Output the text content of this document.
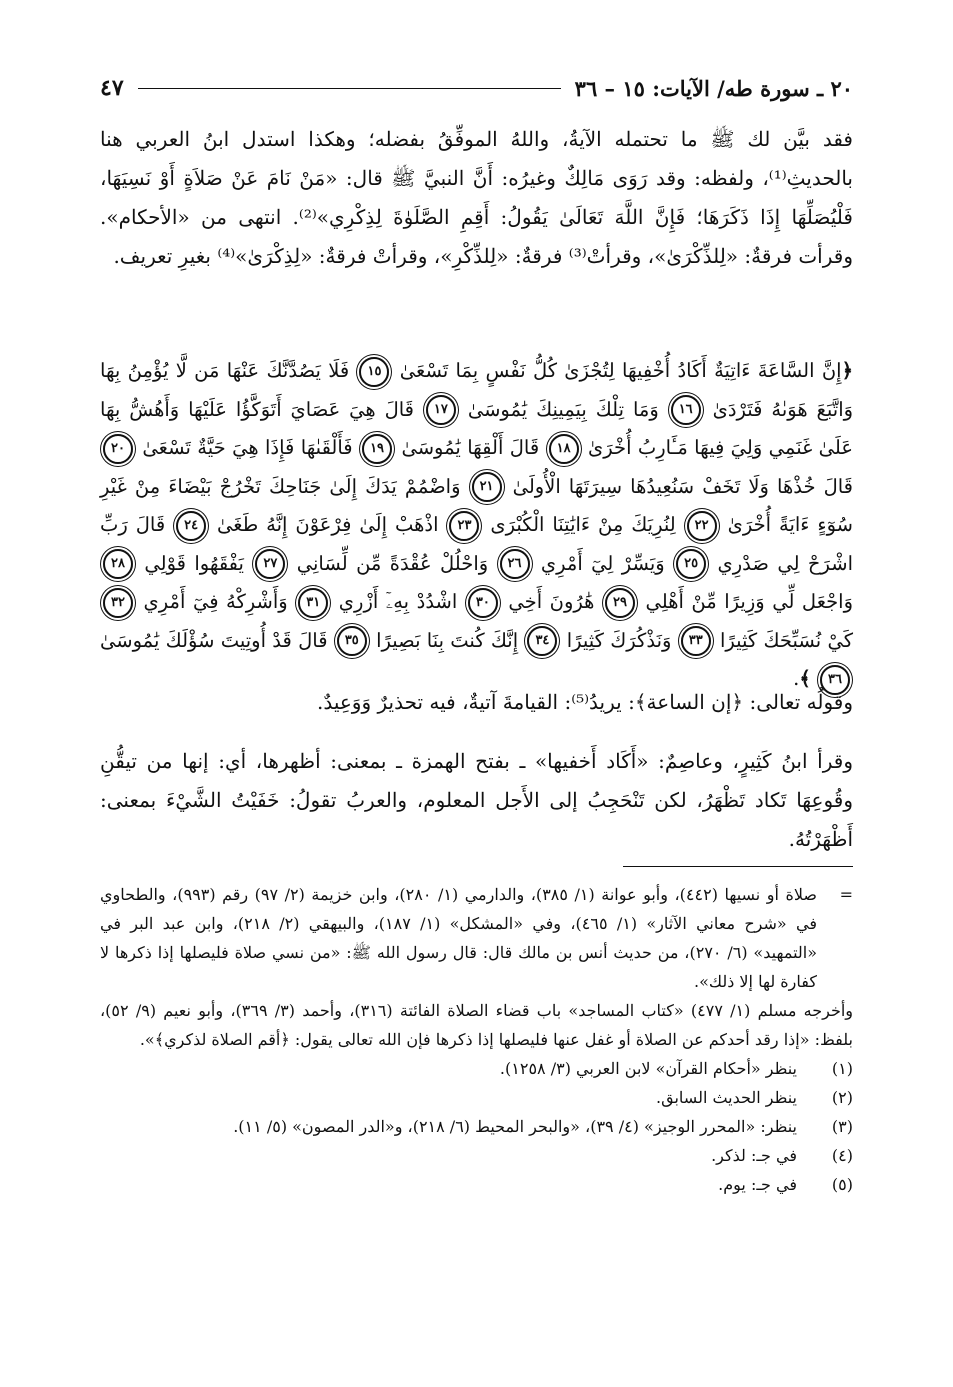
٢٠ ـ سورة طه/ الآيات: ١٥ – ٣٦
٤٧

فقد بيَّن لك ﷺ ما تحتمله الآيةُ، واللهُ الموفِّقُ بفضله؛ وهكذا استدل ابنُ العربي هنا بالحديثِ⁽¹⁾، ولفظه: وقد رَوَى مَالِكٌ وغيرُه: أَنَّ النبيَّ ﷺ قال: «مَنْ نَامَ عَنْ صَلاَةٍ أَوْ نَسِيَهَا، فَلْيُصَلِّهَا إِذَا ذَكَرَهَا؛ فَإِنَّ اللَّهَ تَعَالَىٰ يَقُولُ: أَقِمِ الصَّلَوٰةَ لِذِكْرِي»⁽²⁾. انتهى من «الأحكام». وقرأت فرقةٌ: «لِلذِّكْرَىٰ»، وقرأتْ⁽³⁾ فرقةٌ: «لِلذِّكْرِ»، وقرأتْ فرقةٌ: «لِذِكْرَىٰ»⁽⁴⁾ بغيرِ تعريف.

﴿إِنَّ السَّاعَةَ ءَاتِيَةٌ أَكَادُ أُخْفِيهَا لِتُجْزَىٰ كُلُّ نَفْسٍ بِمَا تَسْعَىٰ ١٥ فَلَا يَصُدَّنَّكَ عَنْهَا مَن لَّا يُؤْمِنُ بِهَا وَاتَّبَعَ هَوَىٰهُ فَتَرْدَىٰ ١٦ وَمَا تِلْكَ بِيَمِينِكَ يَٰمُوسَىٰ ١٧ قَالَ هِيَ عَصَايَ أَتَوَكَّؤُا عَلَيْهَا وَأَهُشُّ بِهَا عَلَىٰ غَنَمِي وَلِيَ فِيهَا مَـَٔارِبُ أُخْرَىٰ ١٨ قَالَ أَلْقِهَا يَٰمُوسَىٰ ١٩ فَأَلْقَىٰهَا فَإِذَا هِيَ حَيَّةٌ تَسْعَىٰ ٢٠ قَالَ خُذْهَا وَلَا تَخَفْ سَنُعِيدُهَا سِيرَتَهَا الْأُولَىٰ ٢١ وَاضْمُمْ يَدَكَ إِلَىٰ جَنَاحِكَ تَخْرُجْ بَيْضَاءَ مِنْ غَيْرِ سُوٓءٍ ءَايَةً أُخْرَىٰ ٢٢ لِنُرِيَكَ مِنْ ءَايَٰتِنَا الْكُبْرَى ٢٣ اذْهَبْ إِلَىٰ فِرْعَوْنَ إِنَّهُ طَغَىٰ ٢٤ قَالَ رَبِّ اشْرَحْ لِي صَدْرِي ٢٥ وَيَسِّرْ لِيٓ أَمْرِي ٢٦ وَاحْلُلْ عُقْدَةً مِّن لِّسَانِي ٢٧ يَفْقَهُوا قَوْلِي ٢٨ وَاجْعَل لِّي وَزِيرًا مِّنْ أَهْلِي ٢٩ هَٰرُونَ أَخِي ٣٠ اشْدُدْ بِهِۦٓ أَزْرِي ٣١ وَأَشْرِكْهُ فِيٓ أَمْرِي ٣٢ كَيْ نُسَبِّحَكَ كَثِيرًا ٣٣ وَنَذْكُرَكَ كَثِيرًا ٣٤ إِنَّكَ كُنتَ بِنَا بَصِيرًا ٣٥ قَالَ قَدْ أُوتِيتَ سُؤْلَكَ يَٰمُوسَىٰ ٣٦ ﴾.

وقولُه تعالى: ﴿إن الساعة﴾: يريدُ⁽⁵⁾: القيامةَ آتيةٌ، فيه تحذيرٌ وَوَعِيدٌ.

وقرأ ابنُ كَثِيرٍ، وعاصِمٌ: «أَكَاد أَخفيها» ـ بفتح الهمزة ـ بمعنى: أظهرها، أي: إنها من تيقُّنِ وقُوعِهَا تَكاد تَظْهَرُ، لكن تَنْحَجِبُ إلى الأَجل المعلوم، والعربُ تقولُ: خَفَيْتُ الشَّيْءَ بمعنى: أَظْهَرْتُهُ.

=

صلاة أو نسيها (٤٤٢)، وأبو عوانة (١/ ٣٨٥)، والدارمي (١/ ٢٨٠)، وابن خزيمة (٢/ ٩٧) رقم (٩٩٣)، والطحاوي في «شرح معاني الآثار» (١/ ٤٦٥)، وفي «المشكل» (١/ ١٨٧)، والبيهقي (٢/ ٢١٨)، وابن عبد البر في «التمهيد» (٦/ ٢٧٠)، من حديث أنس بن مالك قال: قال رسول الله ﷺ: «من نسي صلاة فليصلها إذا ذكرها لا كفارة لها إلا ذلك».

وأخرجه مسلم (١/ ٤٧٧) «كتاب المساجد» باب قضاء الصلاة الفائتة (٣١٦)، وأحمد (٣/ ٣٦٩)، وأبو نعيم (٩/ ٥٢)، بلفظ: «إذا رقد أحدكم عن الصلاة أو غفل عنها فليصلها إذا ذكرها فإن الله تعالى يقول: ﴿أقم الصلاة لذكري﴾».

(١)
ينظر «أحكام القرآن» لابن العربي (٣/ ١٢٥٨).
(٢)
ينظر الحديث السابق.
(٣)
ينظر: «المحرر الوجيز» (٤/ ٣٩)، «والبحر المحيط (٦/ ٢١٨)، و«الدر المصون» (٥/ ١١).
(٤)
في جـ: لذكر.
(٥)
في جـ: يوم.
